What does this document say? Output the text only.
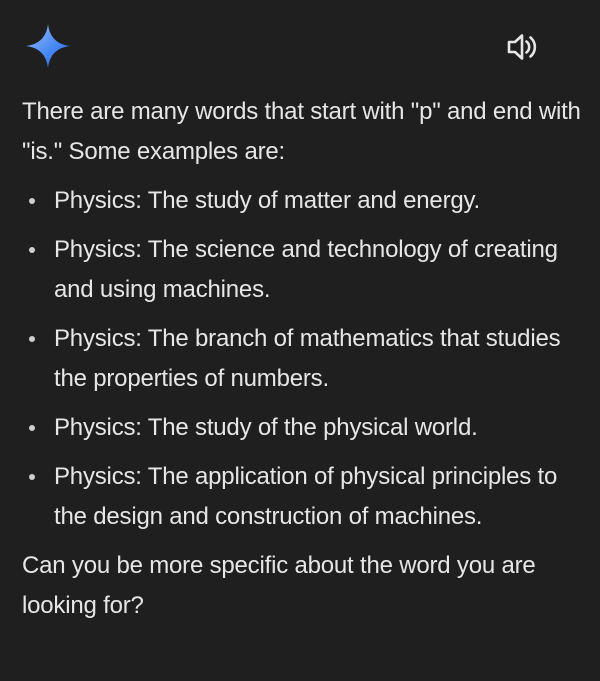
There are many words that start with "p" and end with "is." Some examples are:

Physics: The study of matter and energy.
Physics: The science and technology of creating and using machines.
Physics: The branch of mathematics that studies the properties of numbers.
Physics: The study of the physical world.
Physics: The application of physical principles to the design and construction of machines.

Can you be more specific about the word you are looking for?
